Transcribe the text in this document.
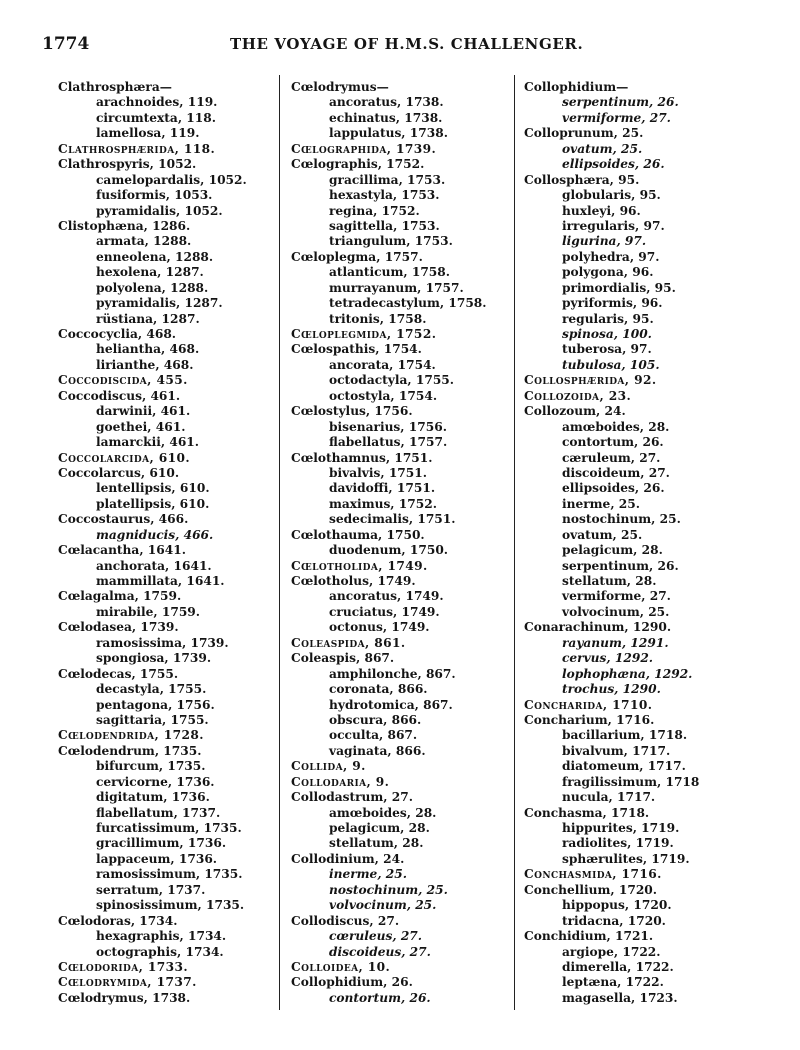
1774	THE VOYAGE OF H.M.S. CHALLENGER.
Clathrosphæra—
arachnoides, 119.
circumtexta, 118.
lamellosa, 119.
Clathrosphærida, 118.
Clathrospyris, 1052.
camelopardalis, 1052.
fusiformis, 1053.
pyramidalis, 1052.
Clistophæna, 1286.
armata, 1288.
enneolena, 1288.
hexolena, 1287.
polyolena, 1288.
pyramidalis, 1287.
rüstiana, 1287.
Coccocyclia, 468.
heliantha, 468.
lirianthe, 468.
Coccodiscida, 455.
Coccodiscus, 461.
darwinii, 461.
goethei, 461.
lamarckii, 461.
Coccolarcida, 610.
Coccolarcus, 610.
lentellipsis, 610.
platellipsis, 610.
Coccostaurus, 466.
magniducis, 466.
Cœlacantha, 1641.
anchorata, 1641.
mammillata, 1641.
Cœlagalma, 1759.
mirabile, 1759.
Cœlodasea, 1739.
ramosissima, 1739.
spongiosa, 1739.
Cœlodecas, 1755.
decastyla, 1755.
pentagona, 1756.
sagittaria, 1755.
Cœlodendrida, 1728.
Cœlodendrum, 1735.
bifurcum, 1735.
cervicorne, 1736.
digitatum, 1736.
flabellatum, 1737.
furcatissimum, 1735.
gracillimum, 1736.
lappaceum, 1736.
ramosissimum, 1735.
serratum, 1737.
spinosissimum, 1735.
Cœlodoras, 1734.
hexagraphis, 1734.
octographis, 1734.
Cœlodorida, 1733.
Cœlodrymida, 1737.
Cœlodrymus, 1738.
Cœlodrymus—
ancoratus, 1738.
echinatus, 1738.
lappulatus, 1738.
Cœlographida, 1739.
Cœlographis, 1752.
gracillima, 1753.
hexastyla, 1753.
regina, 1752.
sagittella, 1753.
triangulum, 1753.
Cœloplegma, 1757.
atlanticum, 1758.
murrayanum, 1757.
tetradecastylum, 1758.
tritonis, 1758.
Cœloplegmida, 1752.
Cœlospathis, 1754.
ancorata, 1754.
octodactyla, 1755.
octostyla, 1754.
Cœlostylus, 1756.
bisenarius, 1756.
flabellatus, 1757.
Cœlothamnus, 1751.
bivalvis, 1751.
davidoffi, 1751.
maximus, 1752.
sedecimalis, 1751.
Cœlothauma, 1750.
duodenum, 1750.
Cœlotholida, 1749.
Cœlotholus, 1749.
ancoratus, 1749.
cruciatus, 1749.
octonus, 1749.
Coleaspida, 861.
Coleaspis, 867.
amphilonche, 867.
coronata, 866.
hydrotomica, 867.
obscura, 866.
occulta, 867.
vaginata, 866.
Collida, 9.
Collodaria, 9.
Collodastrum, 27.
amœboides, 28.
pelagicum, 28.
stellatum, 28.
Collodinium, 24.
inerme, 25.
nostochinum, 25.
volvocinum, 25.
Collodiscus, 27.
cœruleus, 27.
discoideus, 27.
Colloidea, 10.
Collophidium, 26.
contortum, 26.
Collophidium—
serpentinum, 26.
vermiforme, 27.
Colloprunum, 25.
ovatum, 25.
ellipsoides, 26.
Collosphæra, 95.
globularis, 95.
huxleyi, 96.
irregularis, 97.
ligurina, 97.
polyhedra, 97.
polygona, 96.
primordialis, 95.
pyriformis, 96.
regularis, 95.
spinosa, 100.
tuberosa, 97.
tubulosa, 105.
Collosphærida, 92.
Collozoida, 23.
Collozoum, 24.
amœboides, 28.
contortum, 26.
cæruleum, 27.
discoideum, 27.
ellipsoides, 26.
inerme, 25.
nostochinum, 25.
ovatum, 25.
pelagicum, 28.
serpentinum, 26.
stellatum, 28.
vermiforme, 27.
volvocinum, 25.
Conarachinum, 1290.
rayanum, 1291.
cervus, 1292.
lophophæna, 1292.
trochus, 1290.
Concharida, 1710.
Concharium, 1716.
bacillarium, 1718.
bivalvum, 1717.
diatomeum, 1717.
fragilissimum, 1718
nucula, 1717.
Conchasma, 1718.
hippurites, 1719.
radiolites, 1719.
sphærulites, 1719.
Conchasmida, 1716.
Conchellium, 1720.
hippopus, 1720.
tridacna, 1720.
Conchidium, 1721.
argiope, 1722.
dimerella, 1722.
leptæna, 1722.
magasella, 1723.
